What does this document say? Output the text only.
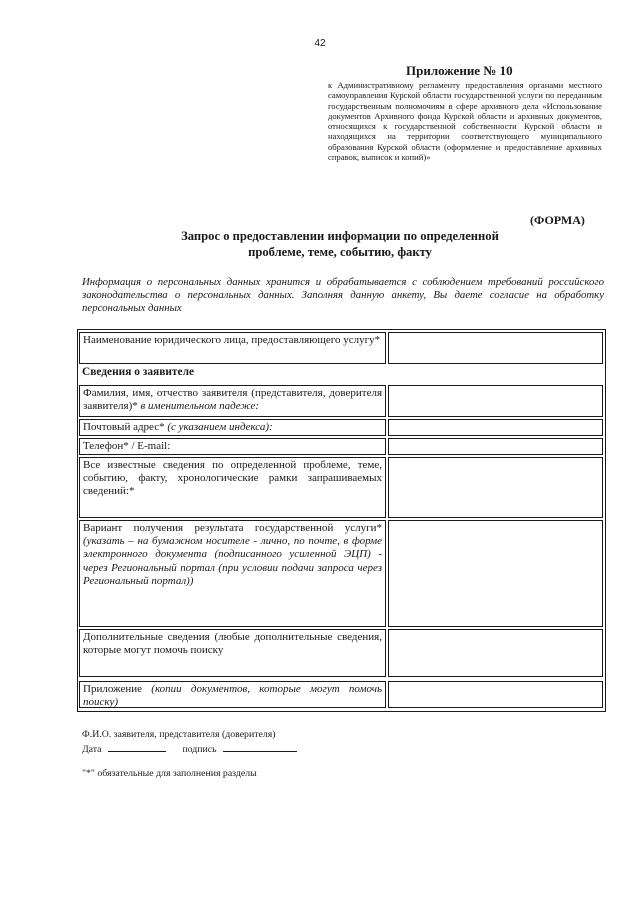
42
Приложение № 10
к Административному регламенту предоставления органами местного самоуправления Курской области государственной услуги по переданным государственным полномочиям в сфере архивного дела «Использование документов Архивного фонда Курской области и архивных документов, относящихся к государственной собственности Курской области и находящихся на территории соответствующего муниципального образования Курской области (оформление и предоставление архивных справок, выписок и копий)»
(ФОРМА)
Запрос о предоставлении информации по определенной
проблеме, теме, событию, факту
Информация о персональных данных хранится и обрабатывается с соблюдением требований российского законодательства о персональных данных. Заполняя данную анкету, Вы даете согласие на обработку персональных данных
Наименование юридического лица, предоставляющего услугу*
Сведения о заявителе
Фамилия, имя, отчество заявителя (представителя, доверителя заявителя)* в именительном падеже:
Почтовый адрес* (с указанием индекса):
Телефон* / E-mail:
Все известные сведения по определенной проблеме, теме, событию, факту, хронологические рамки запрашиваемых сведений:*
Вариант получения результата государственной услуги*(указать – на бумажном носителе - лично, по почте, в форме электронного документа (подписанного усиленной ЭЦП) - через Региональный портал (при условии подачи запроса через Региональный портал))
Дополнительные сведения (любые дополнительные сведения, которые могут помочь поиску
Приложение (копии документов, которые могут помочь поиску)
Ф.И.О. заявителя, представителя (доверителя)
Дата	подпись
"*" обязательные для заполнения разделы
